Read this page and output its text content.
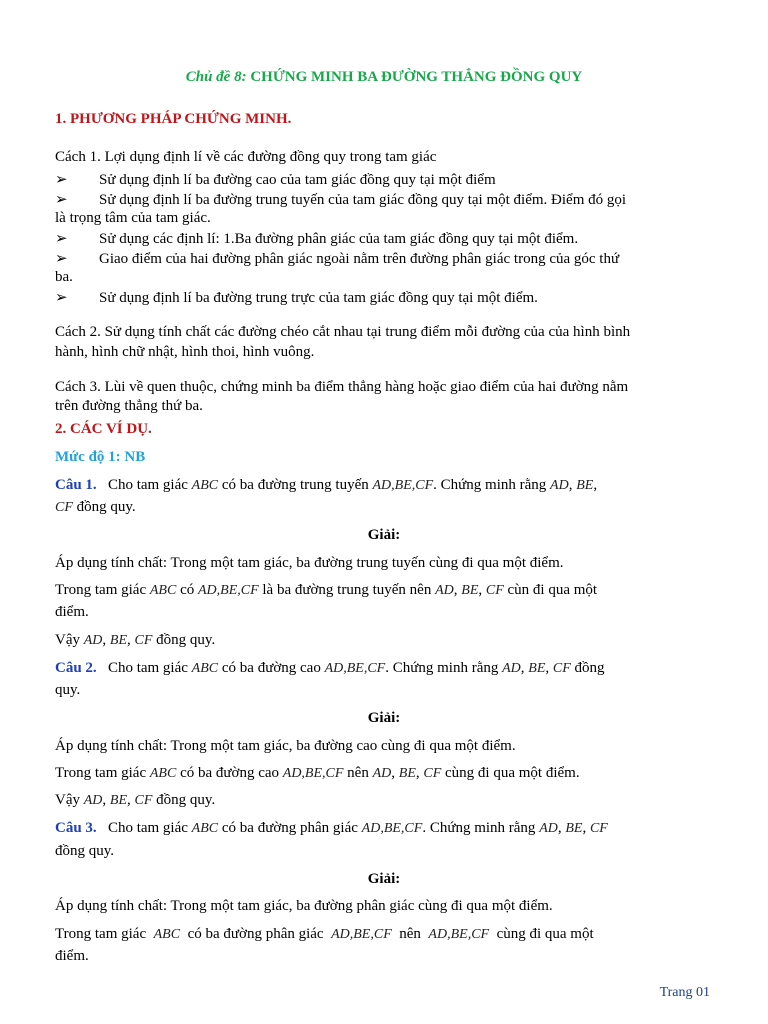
Chủ đề 8: CHỨNG MINH BA ĐƯỜNG THẲNG ĐỒNG QUY
1. PHƯƠNG PHÁP CHỨNG MINH.
Cách 1. Lợi dụng định lí về các đường đồng quy trong tam giác
➢ Sử dụng định lí ba đường cao của tam giác đồng quy tại một điểm
➢ Sử dụng định lí ba đường trung tuyến của tam giác đồng quy tại một điểm. Điểm đó gọi
là trọng tâm của tam giác.
➢ Sử dụng các định lí: 1.Ba đường phân giác của tam giác đồng quy tại một điểm.
➢ Giao điểm của hai đường phân giác ngoài nằm trên đường phân giác trong của góc thứ
ba.
➢ Sử dụng định lí ba đường trung trực của tam giác đồng quy tại một điểm.
Cách 2. Sử dụng tính chất các đường chéo cắt nhau tại trung điểm mỗi đường của của hình bình
hành, hình chữ nhật, hình thoi, hình vuông.
Cách 3. Lùi về quen thuộc, chứng minh ba điểm thẳng hàng hoặc giao điểm của hai đường nằm
trên đường thẳng thứ ba.
2. CÁC VÍ DỤ.
Mức độ 1: NB
Câu 1. Cho tam giác ABC có ba đường trung tuyến AD,BE,CF. Chứng minh rằng AD, BE,
CF đồng quy.
Giải:
Áp dụng tính chất: Trong một tam giác, ba đường trung tuyến cùng đi qua một điểm.
Trong tam giác ABC có AD,BE,CF là ba đường trung tuyến nên AD, BE, CF cùn đi qua một
điểm.
Vậy AD, BE, CF đồng quy.
Câu 2. Cho tam giác ABC có ba đường cao AD,BE,CF. Chứng minh rằng AD, BE, CF đồng
quy.
Giải:
Áp dụng tính chất: Trong một tam giác, ba đường cao cùng đi qua một điểm.
Trong tam giác ABC có ba đường cao AD,BE,CF nên AD, BE, CF cùng đi qua một điểm.
Vậy AD, BE, CF đồng quy.
Câu 3. Cho tam giác ABC có ba đường phân giác AD,BE,CF. Chứng minh rằng AD, BE, CF
đồng quy.
Giải:
Áp dụng tính chất: Trong một tam giác, ba đường phân giác cùng đi qua một điểm.
Trong tam giác ABC có ba đường phân giác AD,BE,CF nên AD,BE,CF cùng đi qua một
điểm.
Trang 01
